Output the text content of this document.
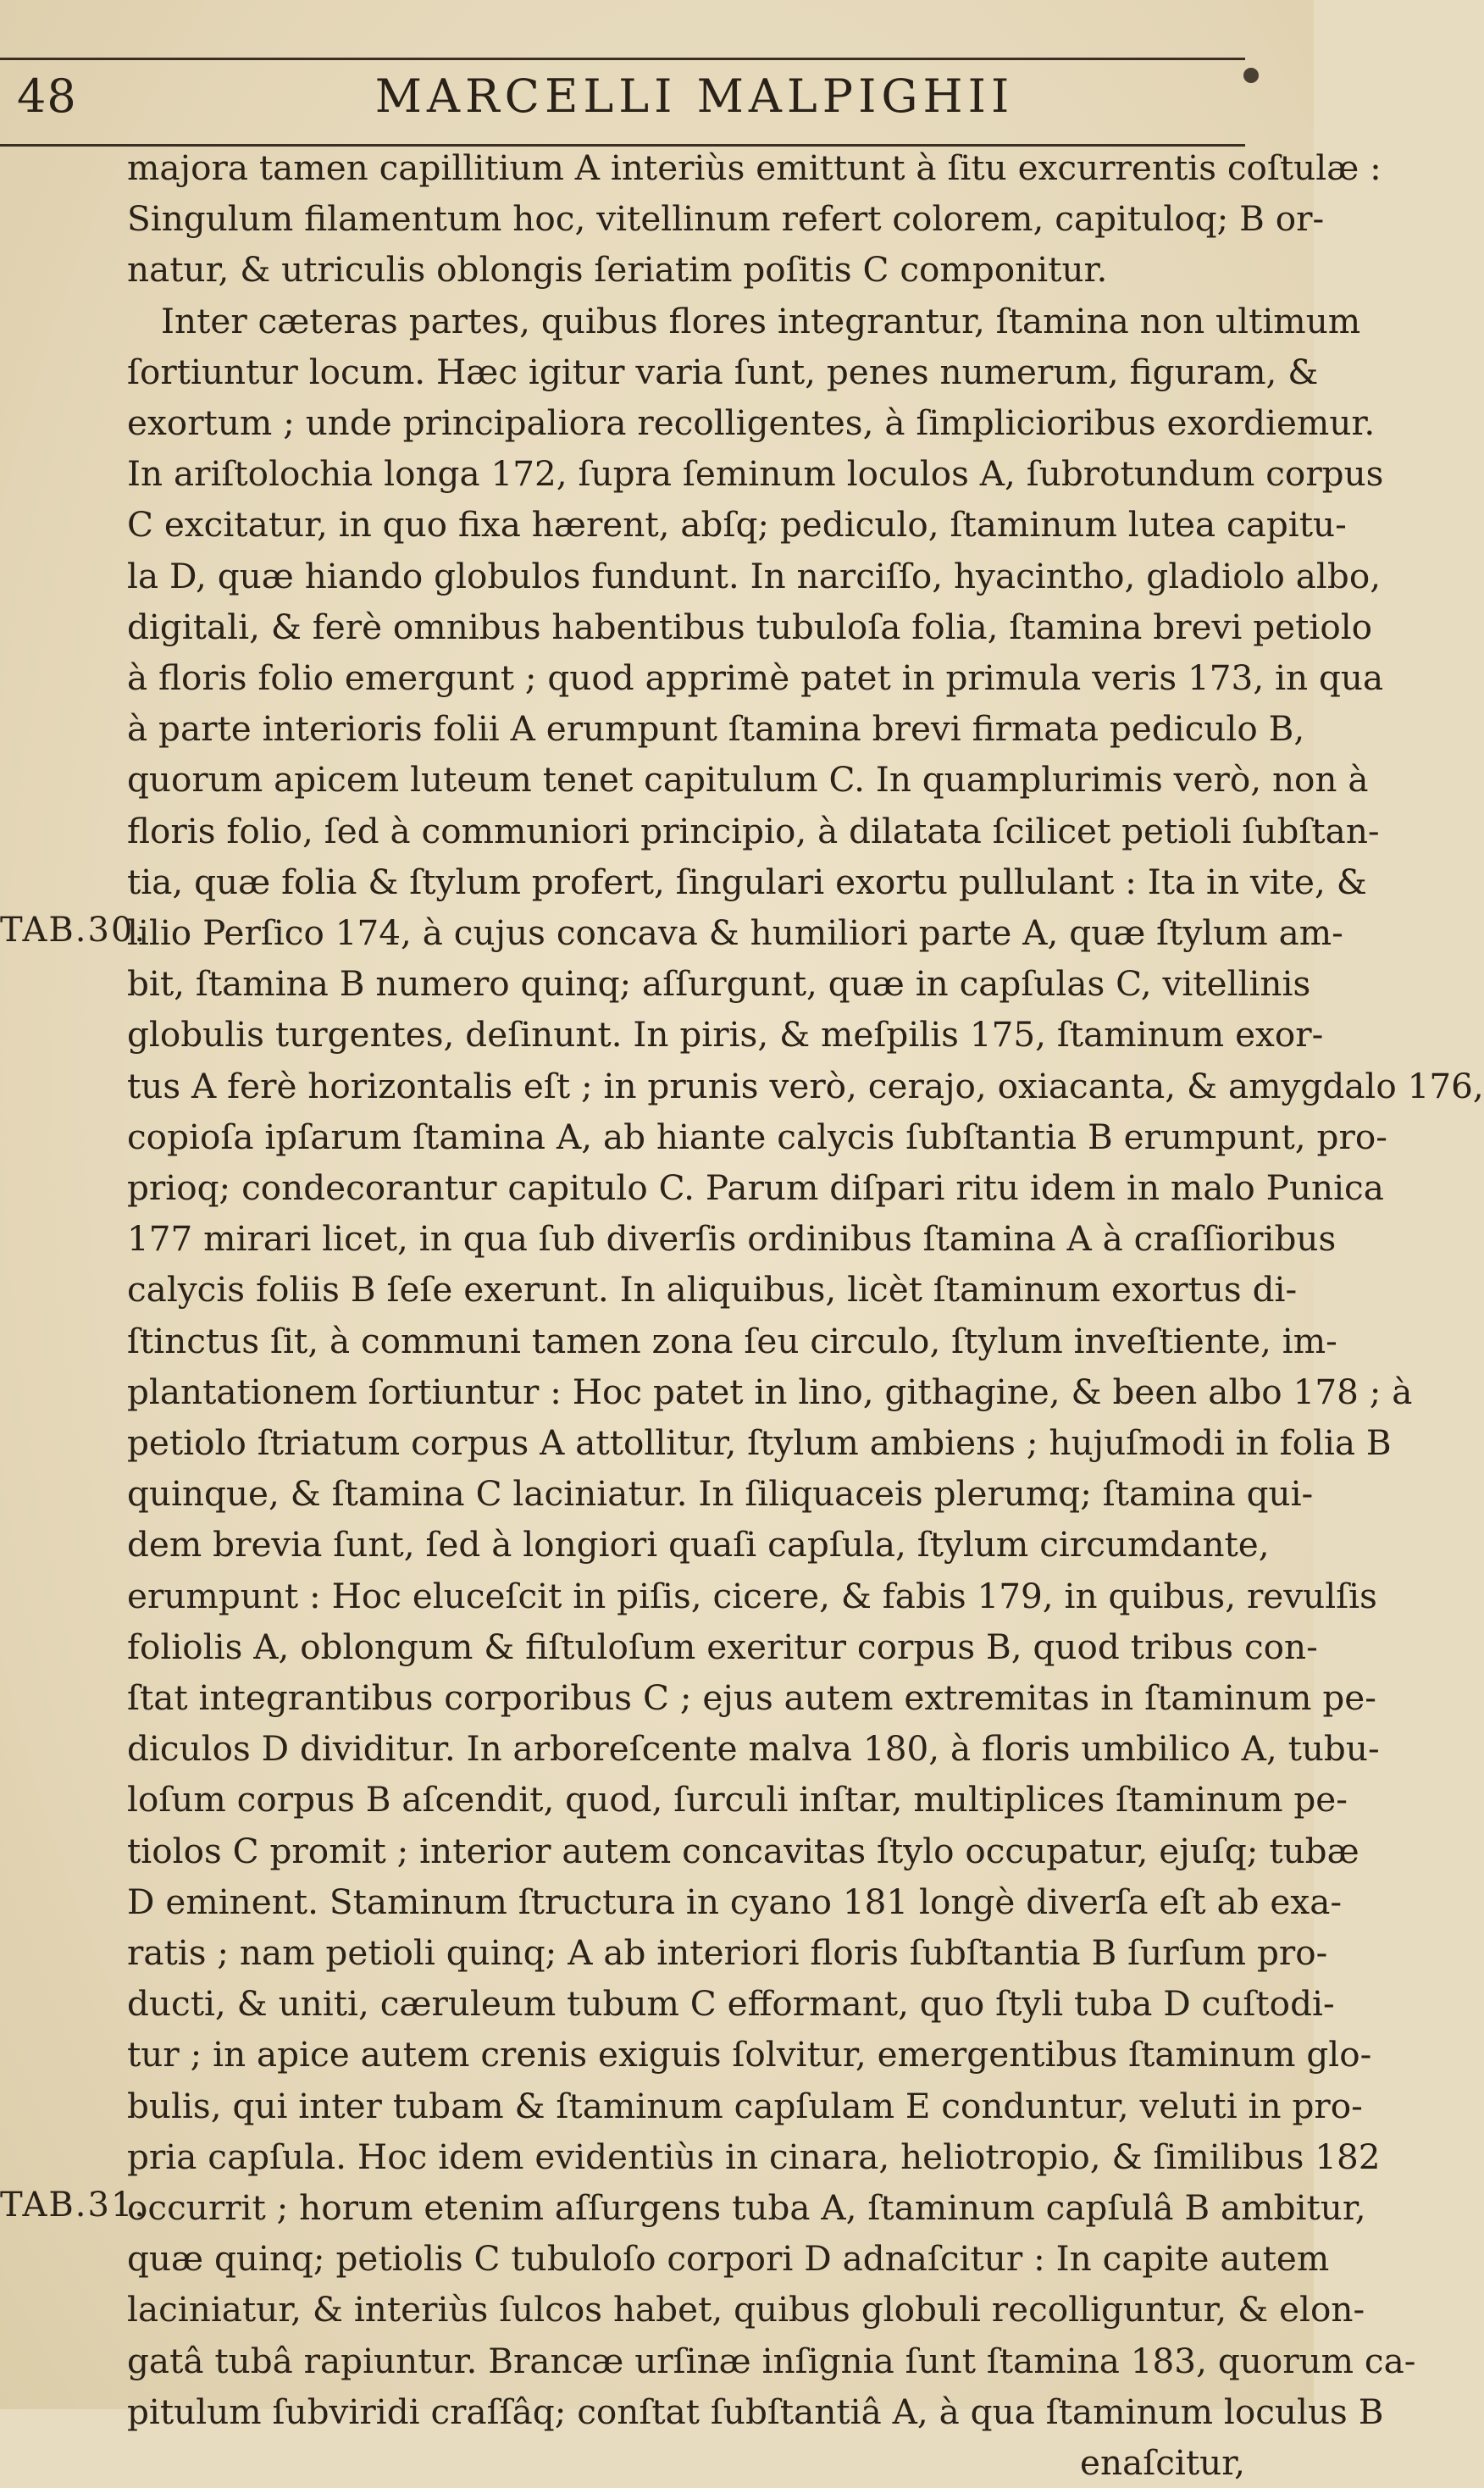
48	MARCELLI MALPIGHII
TAB.30.
TAB.31.
majora tamen capillitium A interiùs emittunt à ſitu excurrentis coſtulæ :
Singulum filamentum hoc, vitellinum refert colorem, capituloq; B or-
natur, & utriculis oblongis ſeriatim poſitis C componitur.
Inter cæteras partes, quibus flores integrantur, ſtamina non ultimum
ſortiuntur locum. Hæc igitur varia ſunt, penes numerum, figuram, &
exortum ; unde principaliora recolligentes, à ſimplicioribus exordiemur.
In ariſtolochia longa 172, ſupra ſeminum loculos A, ſubrotundum corpus
C excitatur, in quo fixa hærent, abſq; pediculo, ſtaminum lutea capitu-
la D, quæ hiando globulos fundunt. In narciſſo, hyacintho, gladiolo albo,
digitali, & ferè omnibus habentibus tubuloſa folia, ſtamina brevi petiolo
à floris folio emergunt ; quod apprimè patet in primula veris 173, in qua
à parte interioris folii A erumpunt ſtamina brevi firmata pediculo B,
quorum apicem luteum tenet capitulum C. In quamplurimis verò, non à
floris folio, ſed à communiori principio, à dilatata ſcilicet petioli ſubſtan-
tia, quæ folia & ſtylum profert, ſingulari exortu pullulant : Ita in vite, &
lilio Perſico 174, à cujus concava & humiliori parte A, quæ ſtylum am-
bit, ſtamina B numero quinq; aſſurgunt, quæ in capſulas C, vitellinis
globulis turgentes, deſinunt. In piris, & meſpilis 175, ſtaminum exor-
tus A ferè horizontalis eſt ; in prunis verò, cerajo, oxiacanta, & amygdalo 176,
copioſa ipſarum ſtamina A, ab hiante calycis ſubſtantia B erumpunt, pro-
prioq; condecorantur capitulo C. Parum diſpari ritu idem in malo Punica
177 mirari licet, in qua ſub diverſis ordinibus ſtamina A à craſſioribus
calycis foliis B ſeſe exerunt. In aliquibus, licèt ſtaminum exortus di-
ſtinctus ſit, à communi tamen zona ſeu circulo, ſtylum inveſtiente, im-
plantationem ſortiuntur : Hoc patet in lino, githagine, & been albo 178 ; à
petiolo ſtriatum corpus A attollitur, ſtylum ambiens ; hujuſmodi in folia B
quinque, & ſtamina C laciniatur. In ſiliquaceis plerumq; ſtamina qui-
dem brevia ſunt, ſed à longiori quaſi capſula, ſtylum circumdante,
erumpunt : Hoc eluceſcit in piſis, cicere, & fabis 179, in quibus, revulſis
foliolis A, oblongum & fiſtuloſum exeritur corpus B, quod tribus con-
ſtat integrantibus corporibus C ; ejus autem extremitas in ſtaminum pe-
diculos D dividitur. In arboreſcente malva 180, à floris umbilico A, tubu-
loſum corpus B aſcendit, quod, ſurculi inſtar, multiplices ſtaminum pe-
tiolos C promit ; interior autem concavitas ſtylo occupatur, ejuſq; tubæ
D eminent. Staminum ſtructura in cyano 181 longè diverſa eſt ab exa-
ratis ; nam petioli quinq; A ab interiori floris ſubſtantia B ſurſum pro-
ducti, & uniti, cæruleum tubum C efformant, quo ſtyli tuba D cuſtodi-
tur ; in apice autem crenis exiguis ſolvitur, emergentibus ſtaminum glo-
bulis, qui inter tubam & ſtaminum capſulam E conduntur, veluti in pro-
pria capſula. Hoc idem evidentiùs in cinara, heliotropio, & ſimilibus 182
occurrit ; horum etenim aſſurgens tuba A, ſtaminum capſulâ B ambitur,
quæ quinq; petiolis C tubuloſo corpori D adnaſcitur : In capite autem
laciniatur, & interiùs ſulcos habet, quibus globuli recolliguntur, & elon-
gatâ tubâ rapiuntur. Brancæ urſinæ inſignia ſunt ſtamina 183, quorum ca-
pitulum ſubviridi craſſâq; conſtat ſubſtantiâ A, à qua ſtaminum loculus B
enaſcitur,
